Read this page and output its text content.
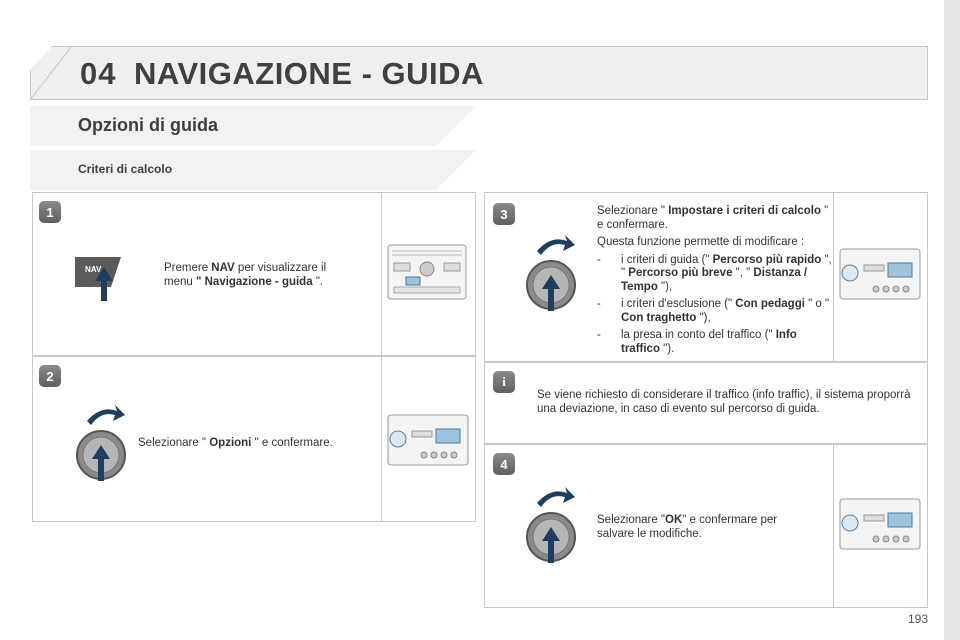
04 NAVIGAZIONE - GUIDA
Opzioni di guida
Criteri di calcolo
1
NAV	Premere NAV per visualizzare il menu " Navigazione - guida ".
2
Selezionare " Opzioni " e confermare.
3	Selezionare " Impostare i criteri di calcolo " e confermare.
Questa funzione permette di modificare :
- i criteri di guida (" Percorso più rapido ", " Percorso più breve ", " Distanza / Tempo "),
- i criteri d'esclusione (" Con pedaggi " o " Con traghetto "),
- la presa in conto del traffico (" Info traffico ").
i
Se viene richiesto di considerare il traffico (info traffic), il sistema proporrà una deviazione, in caso di evento sul percorso di guida.
4
Selezionare "OK" e confermare per salvare le modifiche.
193
